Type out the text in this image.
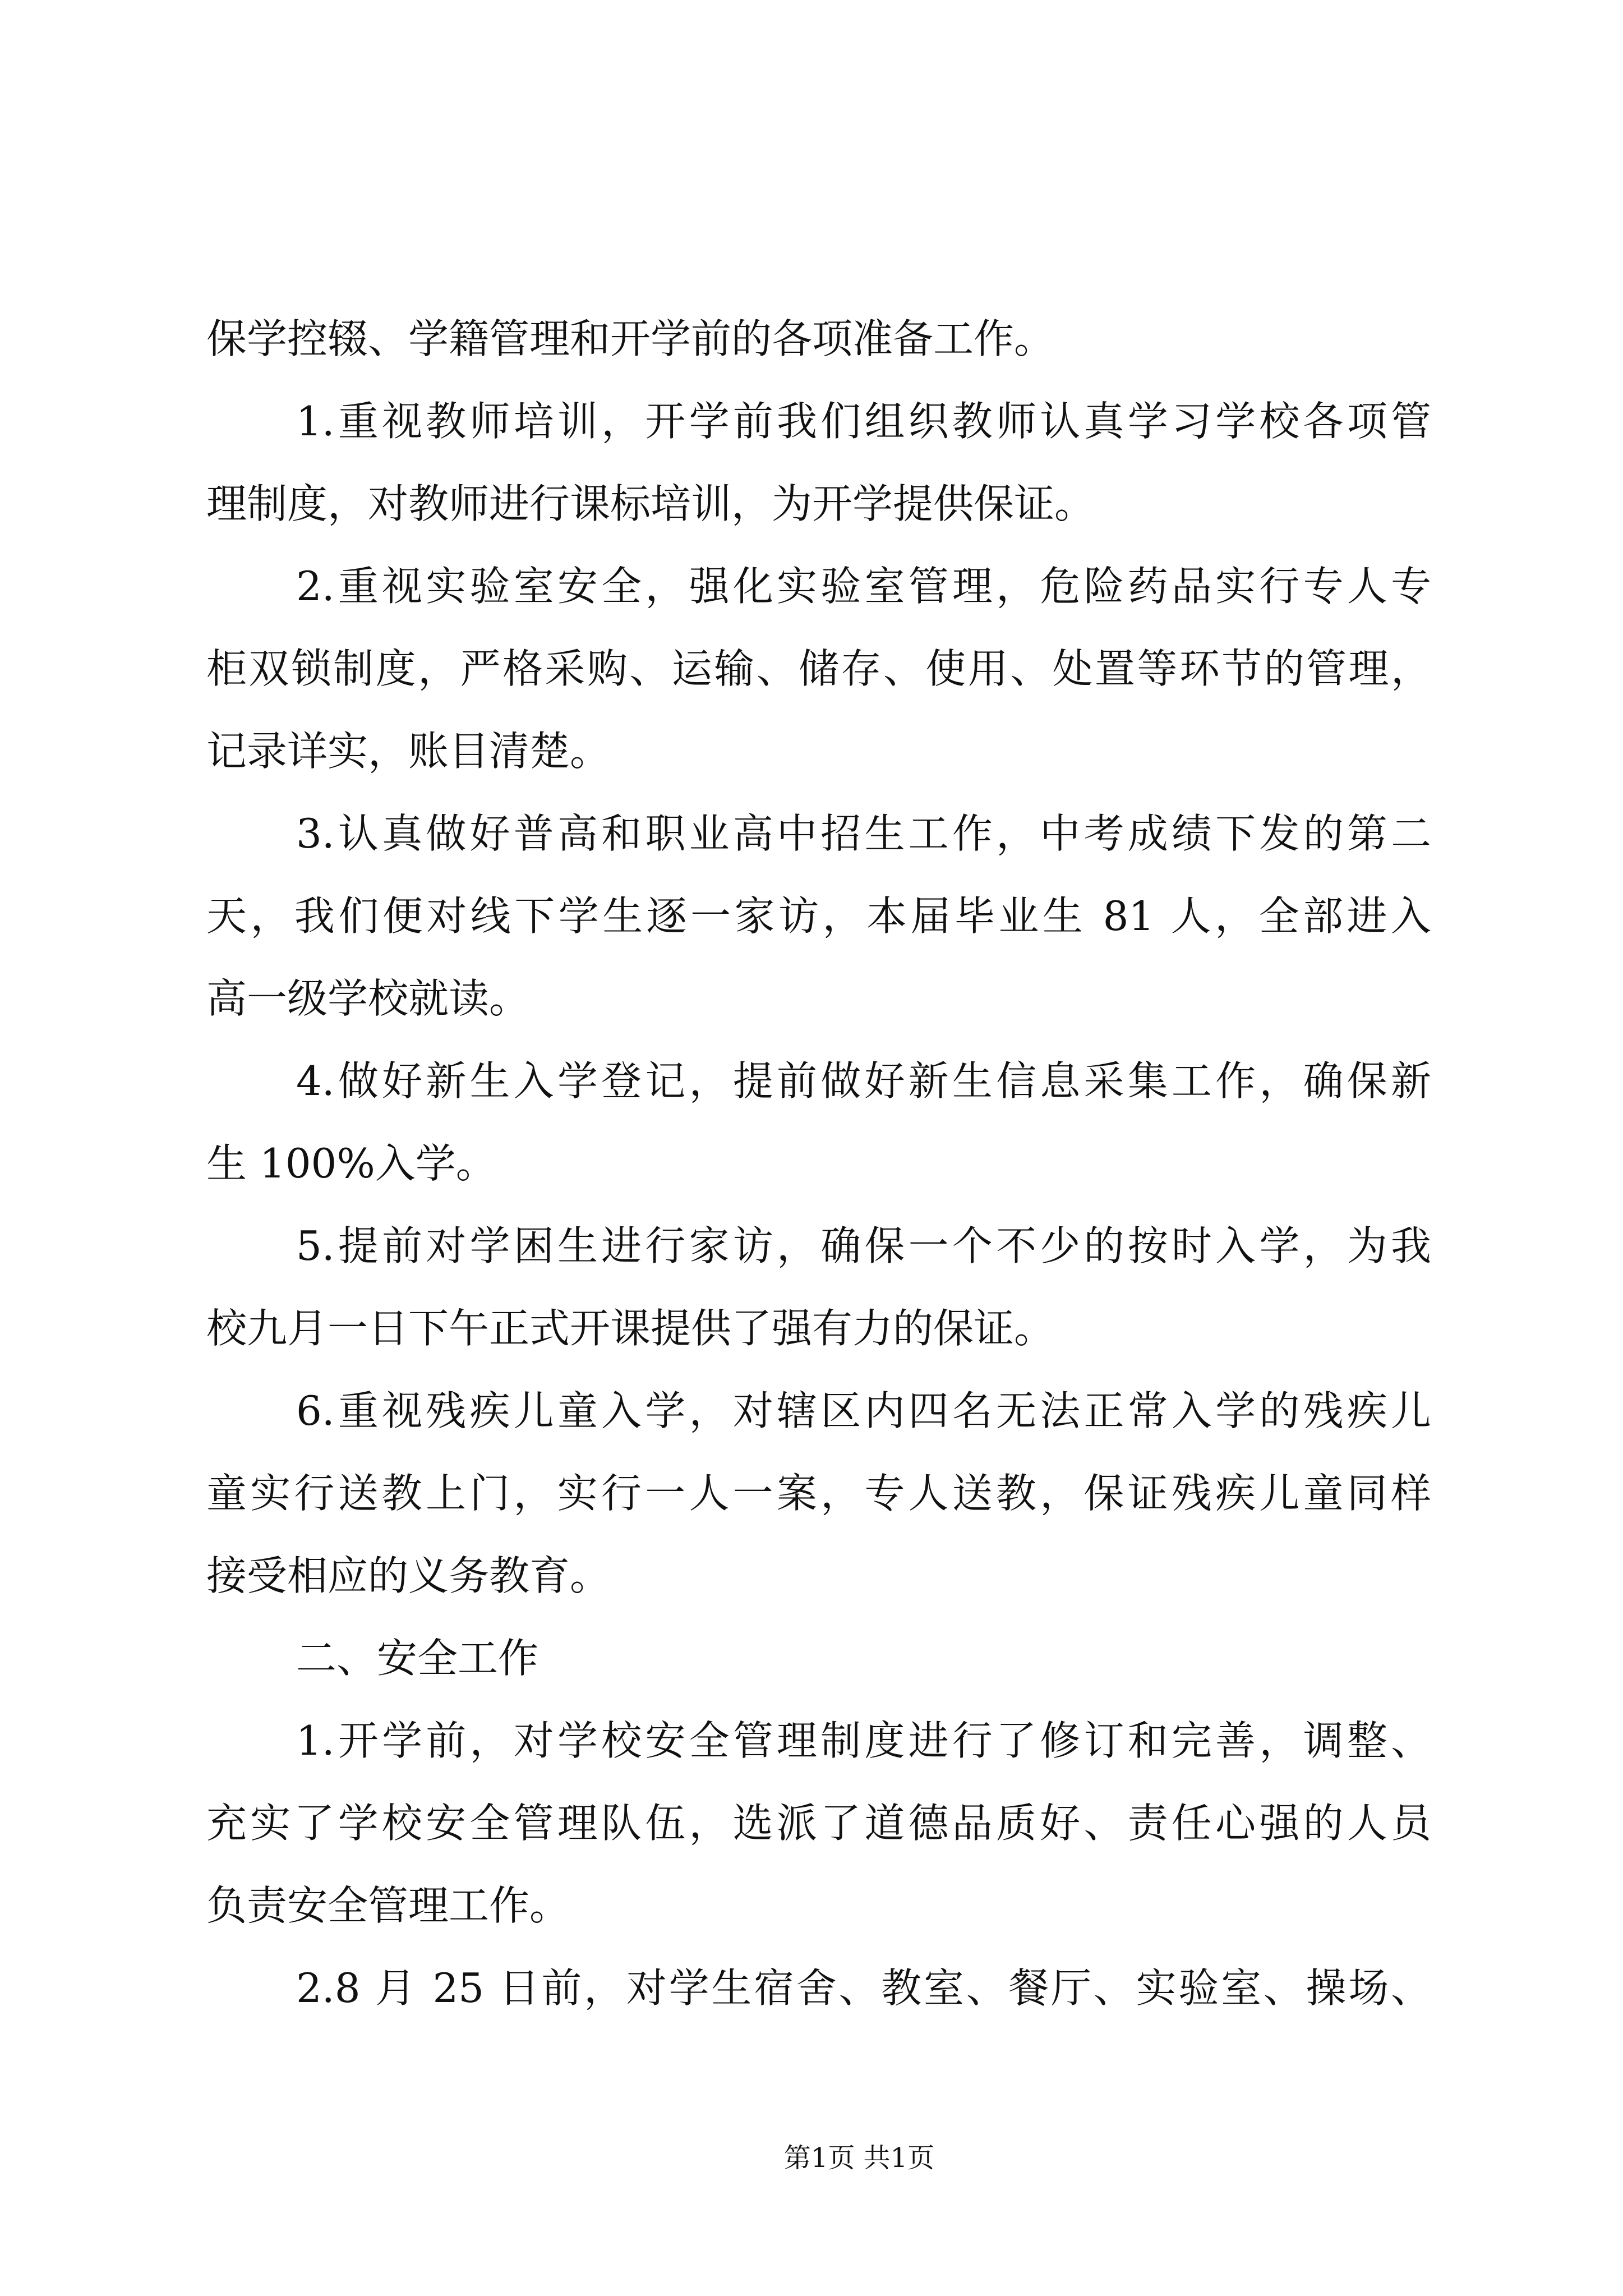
保学控辍、学籍管理和开学前的各项准备工作。
1.重视教师培训，开学前我们组织教师认真学习学校各项管
理制度，对教师进行课标培训，为开学提供保证。
2.重视实验室安全，强化实验室管理，危险药品实行专人专
柜双锁制度，严格采购、运输、储存、使用、处置等环节的管理，
记录详实，账目清楚。
3.认真做好普高和职业高中招生工作，中考成绩下发的第二
天，我们便对线下学生逐一家访，本届毕业生 81 人，全部进入
高一级学校就读。
4.做好新生入学登记，提前做好新生信息采集工作，确保新
生 100%入学。
5.提前对学困生进行家访，确保一个不少的按时入学，为我
校九月一日下午正式开课提供了强有力的保证。
6.重视残疾儿童入学，对辖区内四名无法正常入学的残疾儿
童实行送教上门，实行一人一案，专人送教，保证残疾儿童同样
接受相应的义务教育。
二、安全工作
1.开学前，对学校安全管理制度进行了修订和完善，调整、
充实了学校安全管理队伍，选派了道德品质好、责任心强的人员
负责安全管理工作。
2.8 月 25 日前，对学生宿舍、教室、餐厅、实验室、操场、
第1页 共1页
